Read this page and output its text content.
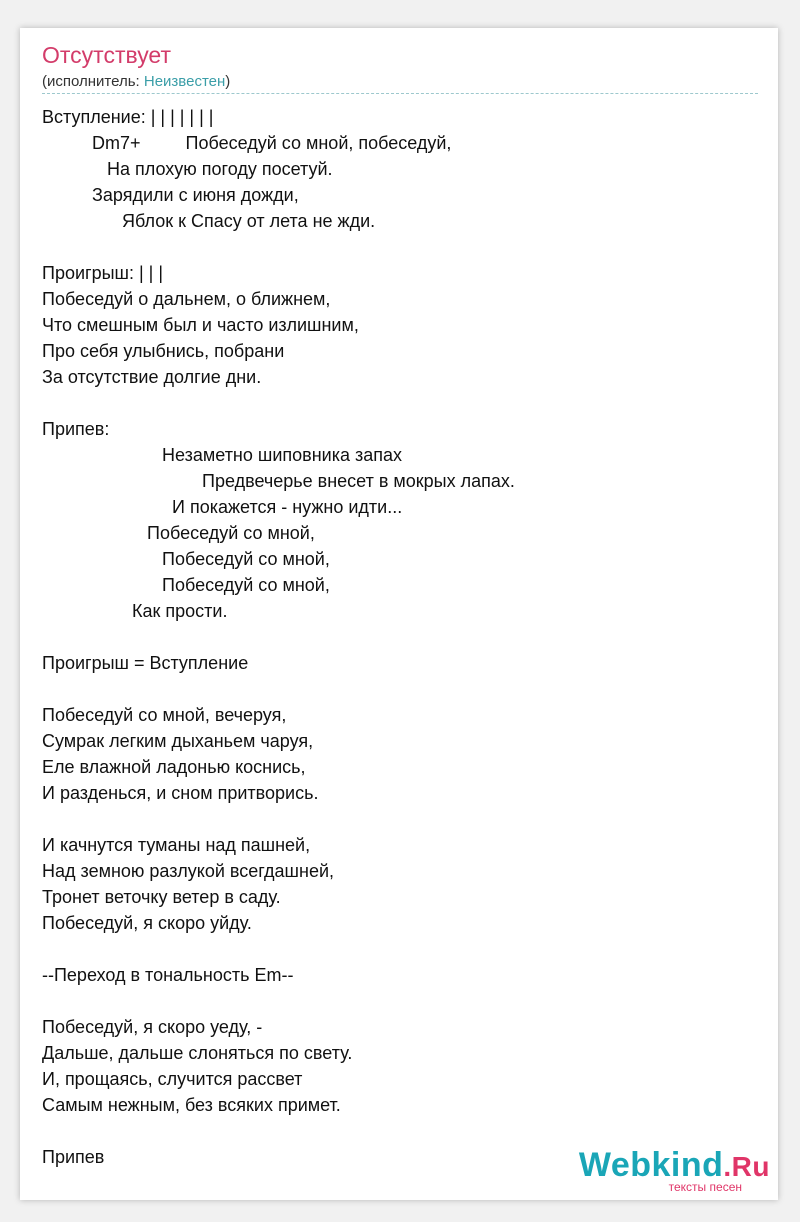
Отсутствует
(исполнитель: Неизвестен)
Вступление: | | | | | | |
Dm7+         Побеседуй со мной, побеседуй,
На плохую погоду посетуй.
Зарядили с июня дожди,
Яблок к Спасу от лета не жди.

Проигрыш: | | |
Побеседуй о дальнем, о ближнем,
Что смешным был и часто излишним,
Про себя улыбнись, побрани
За отсутствие долгие дни.

Припев:
Незаметно шиповника запах
Предвечерье внесет в мокрых лапах.
И покажется - нужно идти...
Побеседуй со мной,
Побеседуй со мной,
Побеседуй со мной,
Как прости.

Проигрыш = Вступление

Побеседуй со мной, вечеруя,
Сумрак легким дыханьем чаруя,
Еле влажной ладонью коснись,
И разденься, и сном притворись.

И качнутся туманы над пашней,
Над земною разлукой всегдашней,
Тронет веточку ветер в саду.
Побеседуй, я скоро уйду.

--Переход в тональность Em--

Побеседуй, я скоро уеду, -
Дальше, дальше слоняться по свету.
И, прощаясь, случится рассвет
Самым нежным, без всяких примет.

Припев	Webkind.Ru
тексты песен
